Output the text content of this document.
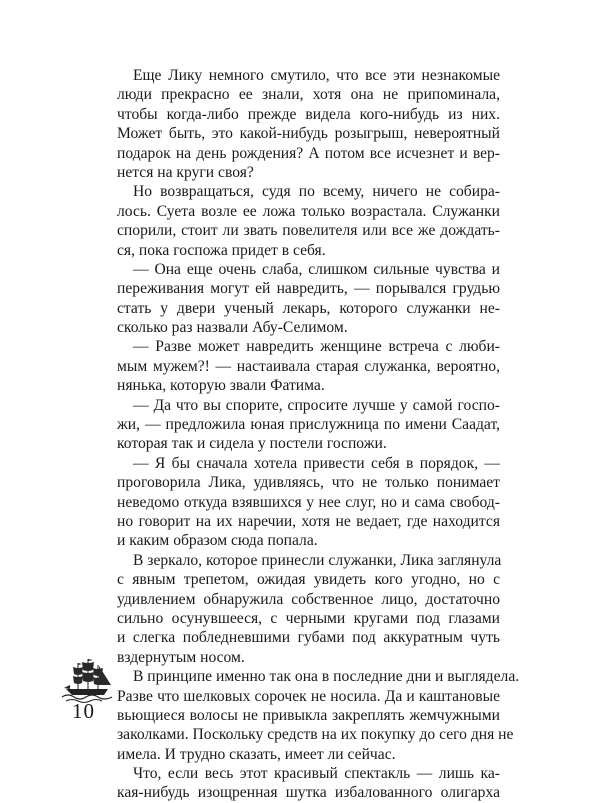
Еще Лику немного смутило, что все эти незнакомые
люди прекрасно ее знали, хотя она не припоминала,
чтобы когда-либо прежде видела кого-нибудь из них.
Может быть, это какой-нибудь розыгрыш, невероятный
подарок на день рождения? А потом все исчезнет и вер-
нется на круги своя?
Но возвращаться, судя по всему, ничего не собира-
лось. Суета возле ее ложа только возрастала. Служанки
спорили, стоит ли звать повелителя или все же дождать-
ся, пока госпожа придет в себя.
— Она еще очень слаба, слишком сильные чувства и
переживания могут ей навредить, — порывался грудью
стать у двери ученый лекарь, которого служанки не-
сколько раз назвали Абу-Селимом.
— Разве может навредить женщине встреча с люби-
мым мужем?! — настаивала старая служанка, вероятно,
нянька, которую звали Фатима.
— Да что вы спорите, спросите лучше у самой госпо-
жи, — предложила юная прислужница по имени Саадат,
которая так и сидела у постели госпожи.
— Я бы сначала хотела привести себя в порядок, —
проговорила Лика, удивляясь, что не только понимает
неведомо откуда взявшихся у нее слуг, но и сама свобод-
но говорит на их наречии, хотя не ведает, где находится
и каким образом сюда попала.
В зеркало, которое принесли служанки, Лика заглянула
с явным трепетом, ожидая увидеть кого угодно, но с
удивлением обнаружила собственное лицо, достаточно
сильно осунувшееся, с черными кругами под глазами
и слегка побледневшими губами под аккуратным чуть
вздернутым носом.
В принципе именно так она в последние дни и выглядела.
Разве что шелковых сорочек не носила. Да и каштановые
вьющиеся волосы не привыкла закреплять жемчужными
заколками. Поскольку средств на их покупку до сего дня не
имела. И трудно сказать, имеет ли сейчас.
Что, если весь этот красивый спектакль — лишь ка-
кая-нибудь изощренная шутка избалованного олигарха
10
